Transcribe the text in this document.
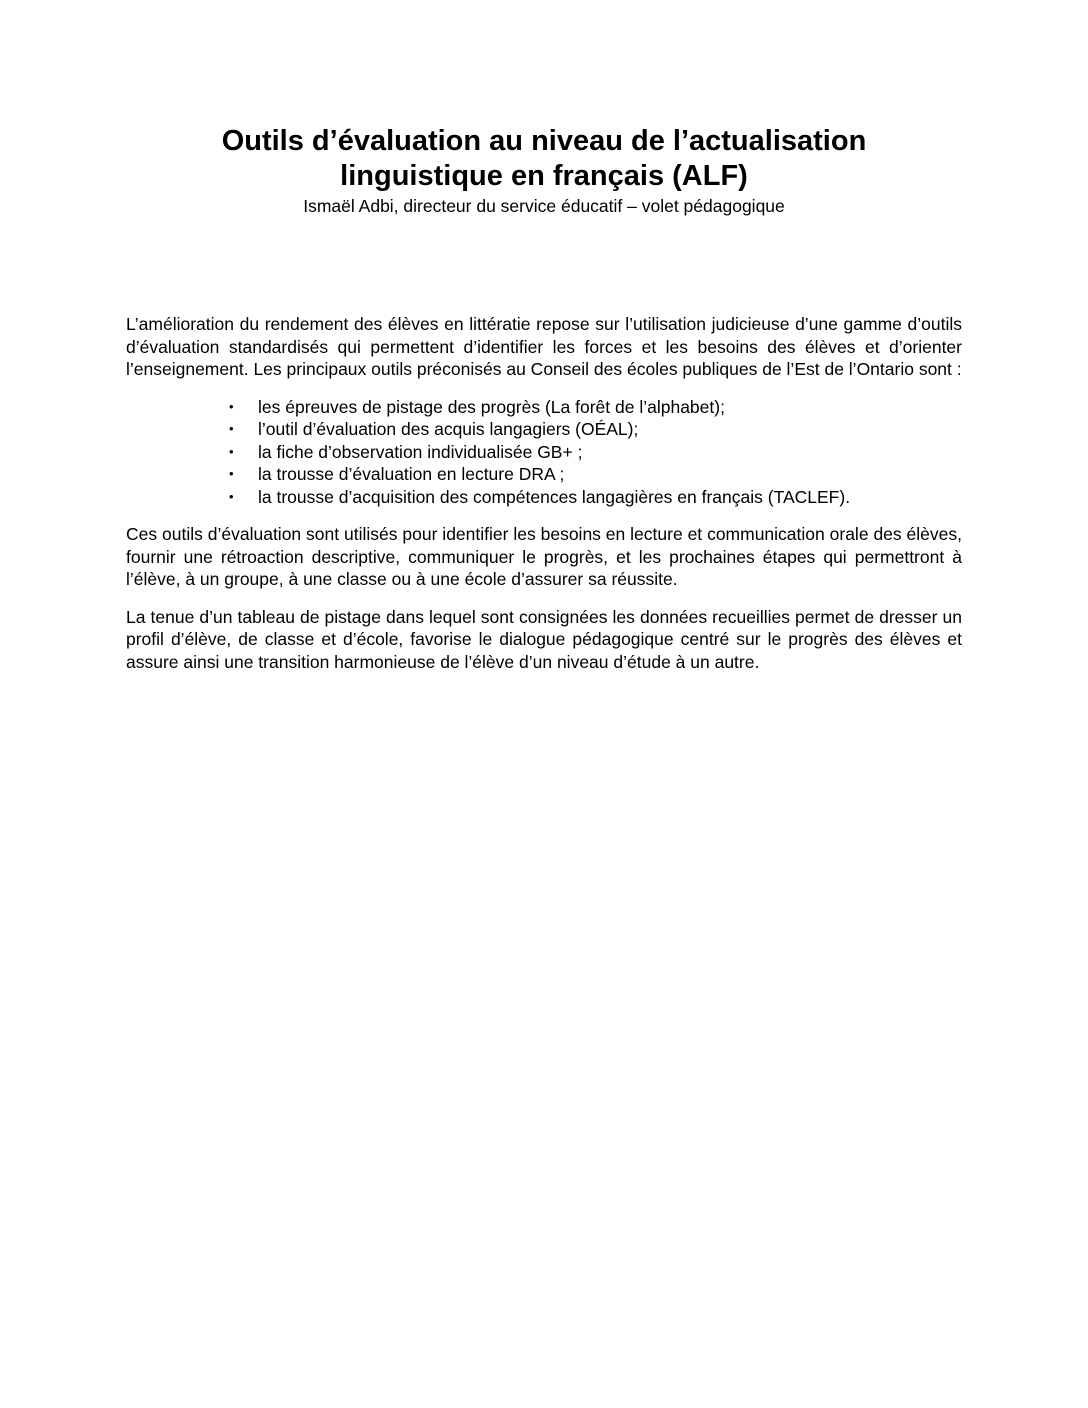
Outils d’évaluation au niveau de l’actualisation
linguistique en français (ALF)
Ismaël Adbi, directeur du service éducatif – volet pédagogique

L’amélioration du rendement des élèves en littératie repose sur l’utilisation judicieuse d’une gamme d’outils d’évaluation standardisés qui permettent d’identifier les forces et les besoins des élèves et d’orienter l’enseignement. Les principaux outils préconisés au Conseil des écoles publiques de l’Est de l’Ontario sont :

• les épreuves de pistage des progrès (La forêt de l’alphabet);
• l’outil d’évaluation des acquis langagiers (OÉAL);
• la fiche d’observation individualisée GB+ ;
• la trousse d’évaluation en lecture DRA ;
• la trousse d’acquisition des compétences langagières en français (TACLEF).

Ces outils d’évaluation sont utilisés pour identifier les besoins en lecture et communication orale des élèves, fournir une rétroaction descriptive, communiquer le progrès, et les prochaines étapes qui permettront à l’élève, à un groupe, à une classe ou à une école d’assurer sa réussite.

La tenue d’un tableau de pistage dans lequel sont consignées les données recueillies permet de dresser un profil d’élève, de classe et d’école, favorise le dialogue pédagogique centré sur le progrès des élèves et assure ainsi une transition harmonieuse de l’élève d’un niveau d’étude à un autre.
